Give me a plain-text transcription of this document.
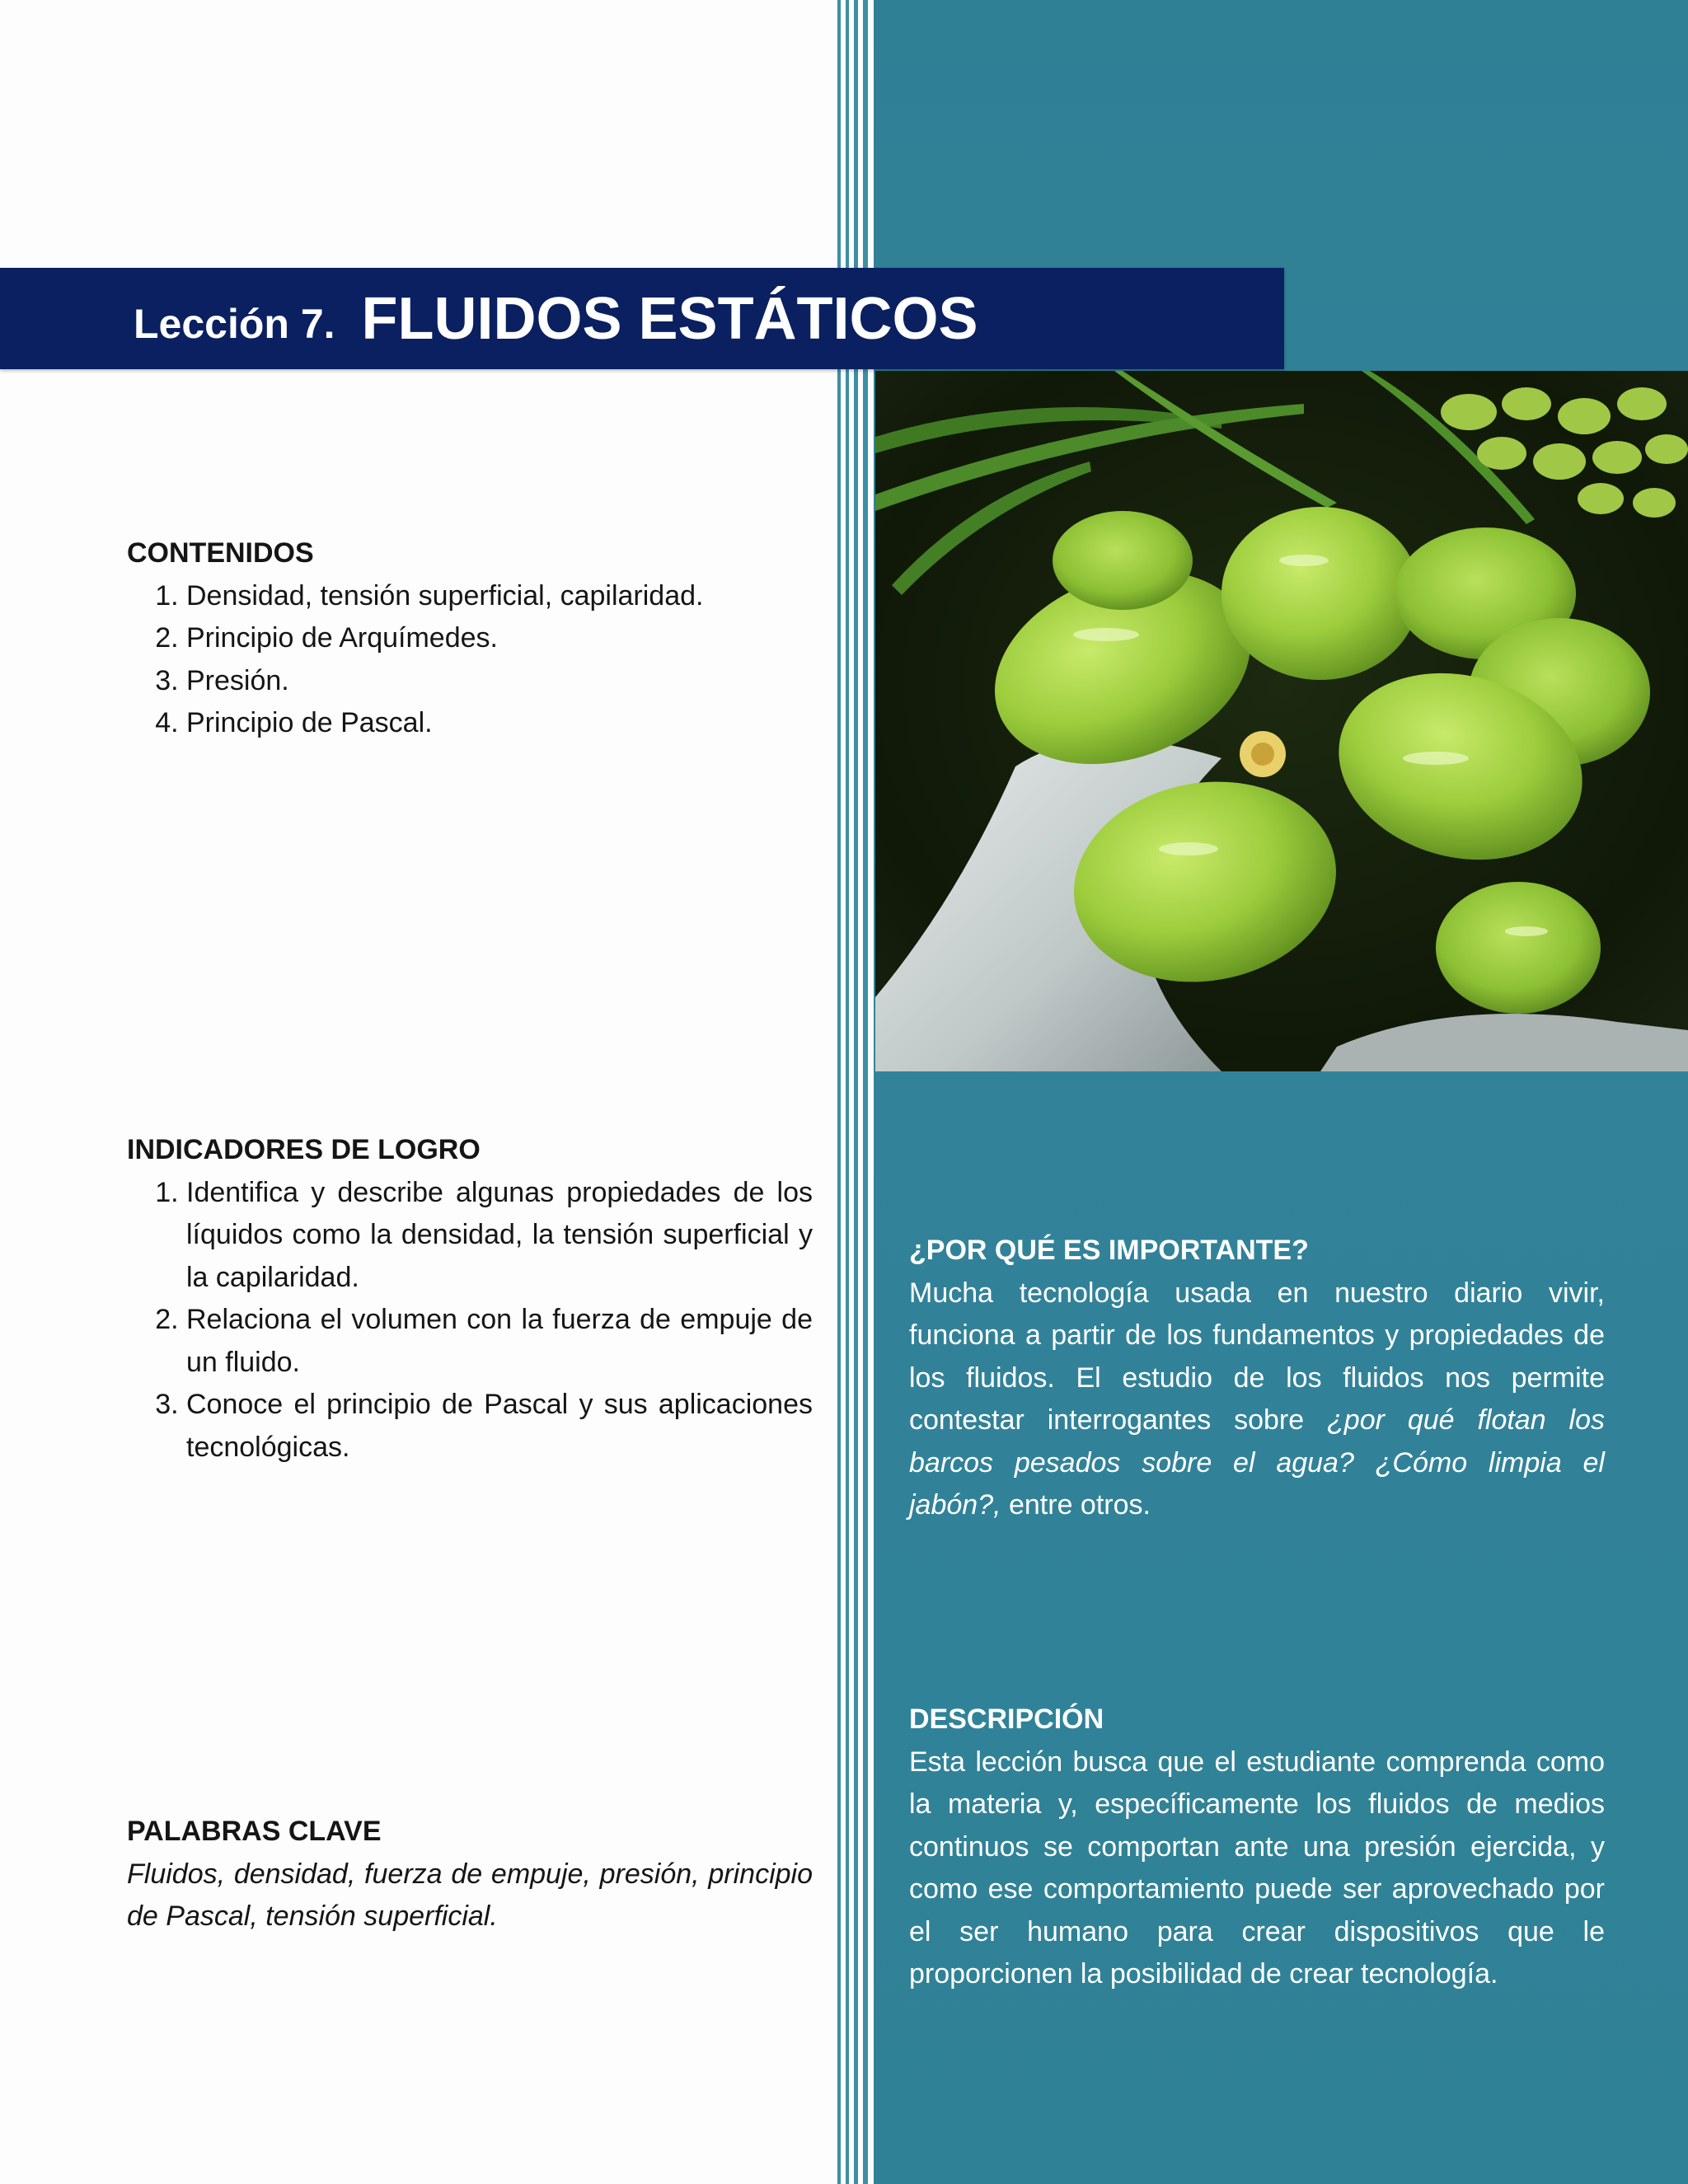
Lección 7. FLUIDOS ESTÁTICOS

CONTENIDOS

1. Densidad, tensión superficial, capilaridad.
2. Principio de Arquímedes.
3. Presión.
4. Principio de Pascal.

INDICADORES DE LOGRO

1. Identifica y describe algunas propiedades de los líquidos como la densidad, la tensión superficial y la capilaridad.
2. Relaciona el volumen con la fuerza de empuje de un fluido.
3. Conoce el principio de Pascal y sus aplicaciones tecnológicas.

PALABRAS CLAVE

Fluidos, densidad, fuerza de empuje, presión, principio de Pascal, tensión superficial.

¿POR QUÉ ES IMPORTANTE?

Mucha tecnología usada en nuestro diario vivir, funciona a partir de los fundamentos y propiedades de los fluidos. El estudio de los fluidos nos permite contestar interrogantes sobre ¿por qué flotan los barcos pesados sobre el agua? ¿Cómo limpia el jabón?, entre otros.

DESCRIPCIÓN

Esta lección busca que el estudiante comprenda como la materia y, específicamente los fluidos de medios continuos se comportan ante una presión ejercida, y como ese comportamiento puede ser aprovechado por el ser humano para crear dispositivos que le proporcionen la posibilidad de crear tecnología.
